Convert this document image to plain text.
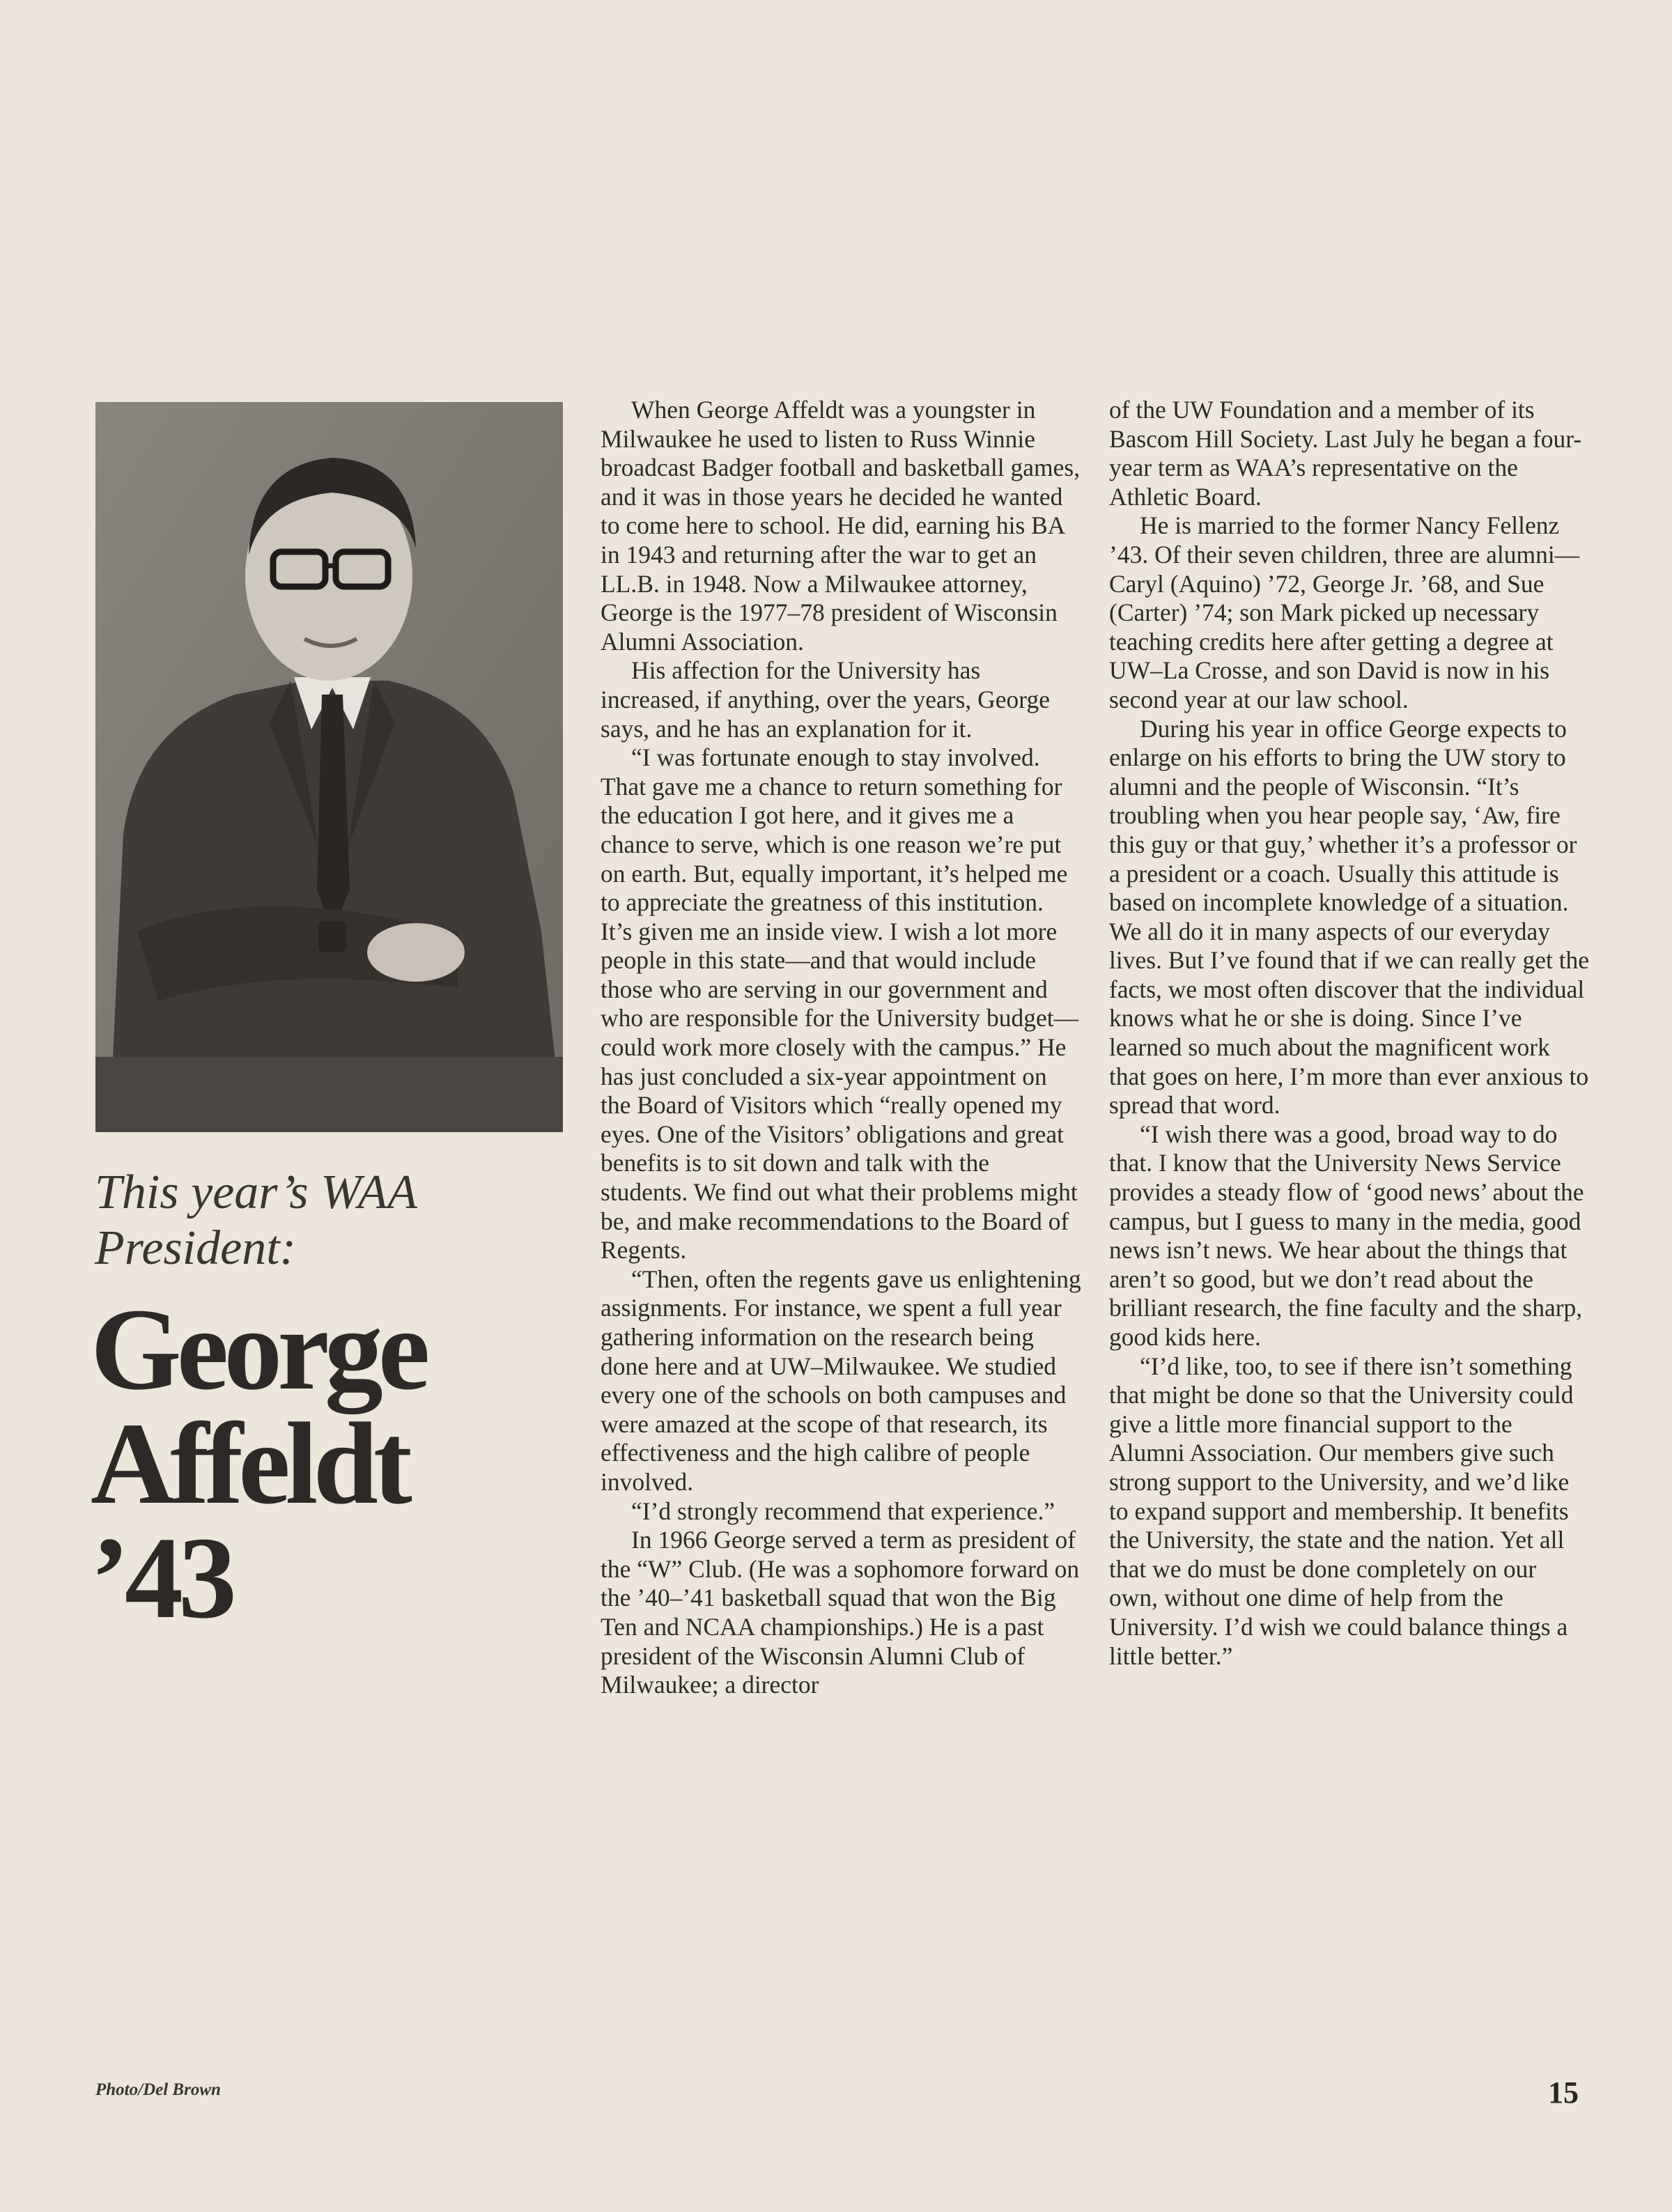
This year’s WAA
President:
George
Affeldt
’43

When George Affeldt was a youngster in Milwaukee he used to listen to Russ Winnie broadcast Badger football and basketball games, and it was in those years he decided he wanted to come here to school. He did, earning his BA in 1943 and returning after the war to get an LL.B. in 1948. Now a Milwaukee attorney, George is the 1977–78 president of Wisconsin Alumni Association.

His affection for the University has increased, if anything, over the years, George says, and he has an explanation for it.

“I was fortunate enough to stay involved. That gave me a chance to return something for the education I got here, and it gives me a chance to serve, which is one reason we’re put on earth. But, equally important, it’s helped me to appreciate the greatness of this institution. It’s given me an inside view. I wish a lot more people in this state—and that would include those who are serving in our government and who are responsible for the University budget—could work more closely with the campus.” He has just concluded a six-year appointment on the Board of Visitors which “really opened my eyes. One of the Visitors’ obligations and great benefits is to sit down and talk with the students. We find out what their problems might be, and make recommendations to the Board of Regents.

“Then, often the regents gave us enlightening assignments. For instance, we spent a full year gathering information on the research being done here and at UW–Milwaukee. We studied every one of the schools on both campuses and were amazed at the scope of that research, its effectiveness and the high calibre of people involved.

“I’d strongly recommend that experience.”

In 1966 George served a term as president of the “W” Club. (He was a sophomore forward on the ’40–’41 basketball squad that won the Big Ten and NCAA championships.) He is a past president of the Wisconsin Alumni Club of Milwaukee; a director

of the UW Foundation and a member of its Bascom Hill Society. Last July he began a four-year term as WAA’s representative on the Athletic Board.

He is married to the former Nancy Fellenz ’43. Of their seven children, three are alumni—Caryl (Aquino) ’72, George Jr. ’68, and Sue (Carter) ’74; son Mark picked up necessary teaching credits here after getting a degree at UW–La Crosse, and son David is now in his second year at our law school.

During his year in office George expects to enlarge on his efforts to bring the UW story to alumni and the people of Wisconsin. “It’s troubling when you hear people say, ‘Aw, fire this guy or that guy,’ whether it’s a professor or a president or a coach. Usually this attitude is based on incomplete knowledge of a situation. We all do it in many aspects of our everyday lives. But I’ve found that if we can really get the facts, we most often discover that the individual knows what he or she is doing. Since I’ve learned so much about the magnificent work that goes on here, I’m more than ever anxious to spread that word.

“I wish there was a good, broad way to do that. I know that the University News Service provides a steady flow of ‘good news’ about the campus, but I guess to many in the media, good news isn’t news. We hear about the things that aren’t so good, but we don’t read about the brilliant research, the fine faculty and the sharp, good kids here.

“I’d like, too, to see if there isn’t something that might be done so that the University could give a little more financial support to the Alumni Association. Our members give such strong support to the University, and we’d like to expand support and membership. It benefits the University, the state and the nation. Yet all that we do must be done completely on our own, without one dime of help from the University. I’d wish we could balance things a little better.”

Photo/Del Brown	15
